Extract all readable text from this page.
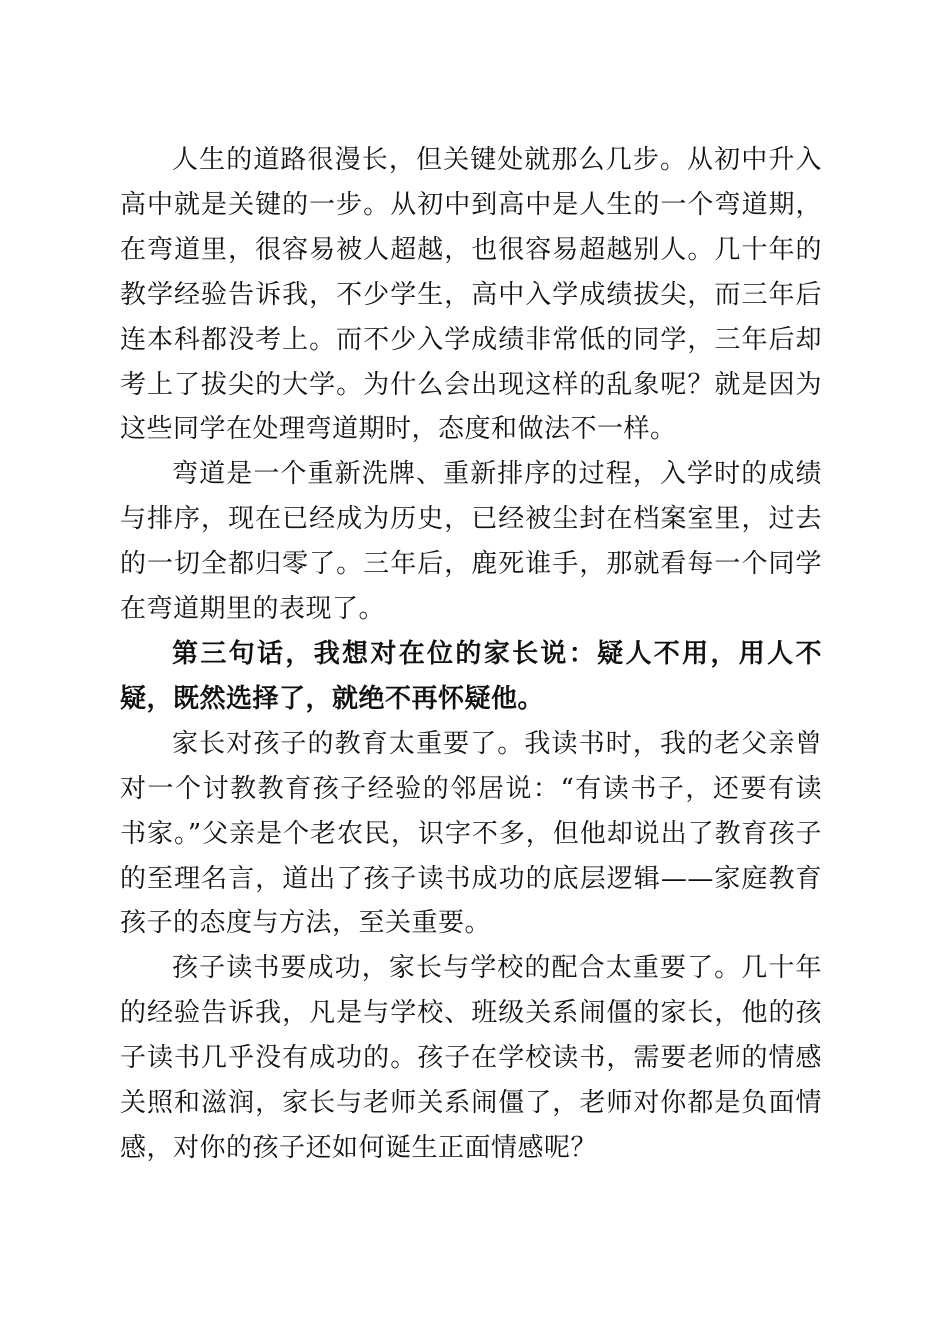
人生的道路很漫长，但关键处就那么几步。从初中升入高中就是关键的一步。从初中到高中是人生的一个弯道期，在弯道里，很容易被人超越，也很容易超越别人。几十年的教学经验告诉我，不少学生，高中入学成绩拔尖，而三年后连本科都没考上。而不少入学成绩非常低的同学，三年后却考上了拔尖的大学。为什么会出现这样的乱象呢？就是因为这些同学在处理弯道期时，态度和做法不一样。

弯道是一个重新洗牌、重新排序的过程，入学时的成绩与排序，现在已经成为历史，已经被尘封在档案室里，过去的一切全都归零了。三年后，鹿死谁手，那就看每一个同学在弯道期里的表现了。

第三句话，我想对在位的家长说：疑人不用，用人不疑，既然选择了，就绝不再怀疑他。

家长对孩子的教育太重要了。我读书时，我的老父亲曾对一个讨教教育孩子经验的邻居说：“有读书子，还要有读书家。”父亲是个老农民，识字不多，但他却说出了教育孩子的至理名言，道出了孩子读书成功的底层逻辑——家庭教育孩子的态度与方法，至关重要。

孩子读书要成功，家长与学校的配合太重要了。几十年的经验告诉我，凡是与学校、班级关系闹僵的家长，他的孩子读书几乎没有成功的。孩子在学校读书，需要老师的情感关照和滋润，家长与老师关系闹僵了，老师对你都是负面情感，对你的孩子还如何诞生正面情感呢？
